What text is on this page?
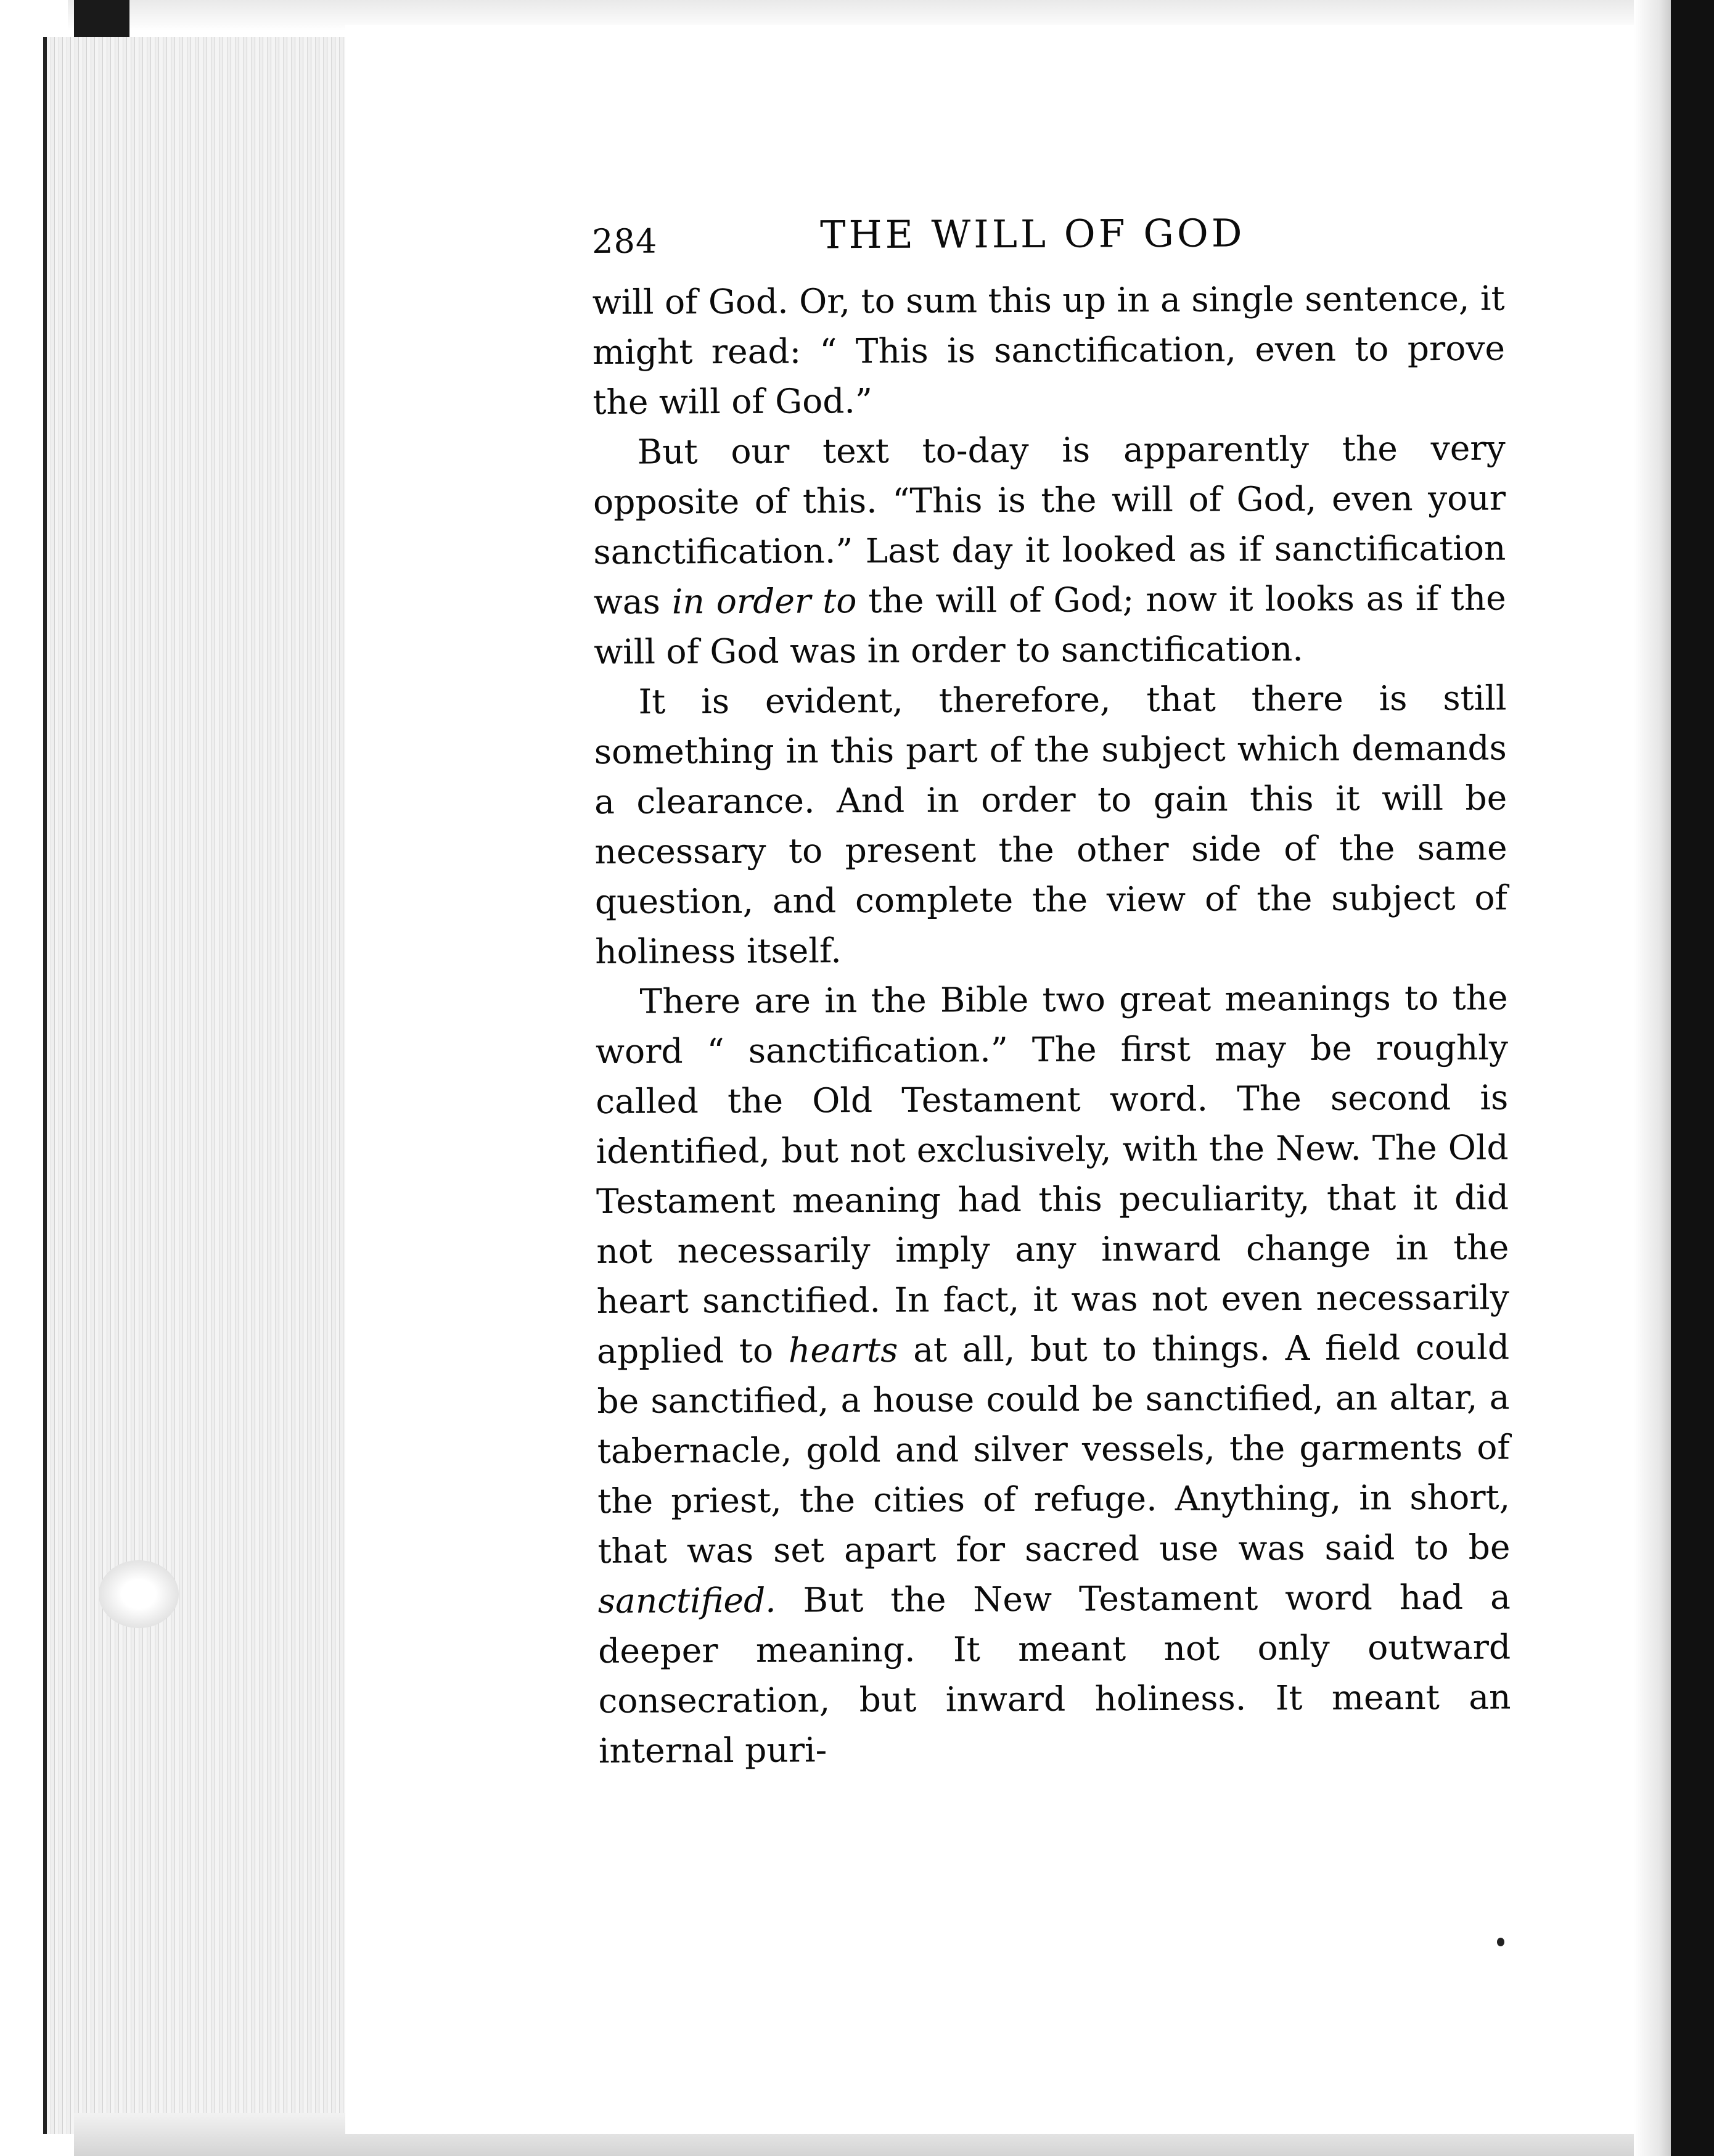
284	THE WILL OF GOD

will of God. Or, to sum this up in a single sentence, it might read: “ This is sanctification, even to prove the will of God.”

But our text to-day is apparently the very opposite of this. “This is the will of God, even your sanctification.” Last day it looked as if sanctification was in order to the will of God; now it looks as if the will of God was in order to sanctification.

It is evident, therefore, that there is still something in this part of the subject which demands a clearance. And in order to gain this it will be necessary to present the other side of the same question, and complete the view of the subject of holiness itself.

There are in the Bible two great meanings to the word “ sanctification.” The first may be roughly called the Old Testament word. The second is identified, but not exclusively, with the New. The Old Testament meaning had this peculiarity, that it did not necessarily imply any inward change in the heart sanctified. In fact, it was not even necessarily applied to hearts at all, but to things. A field could be sanctified, a house could be sanctified, an altar, a tabernacle, gold and silver vessels, the garments of the priest, the cities of refuge. Anything, in short, that was set apart for sacred use was said to be sanctified. But the New Testament word had a deeper meaning. It meant not only outward consecration, but inward holiness. It meant an internal puri-
